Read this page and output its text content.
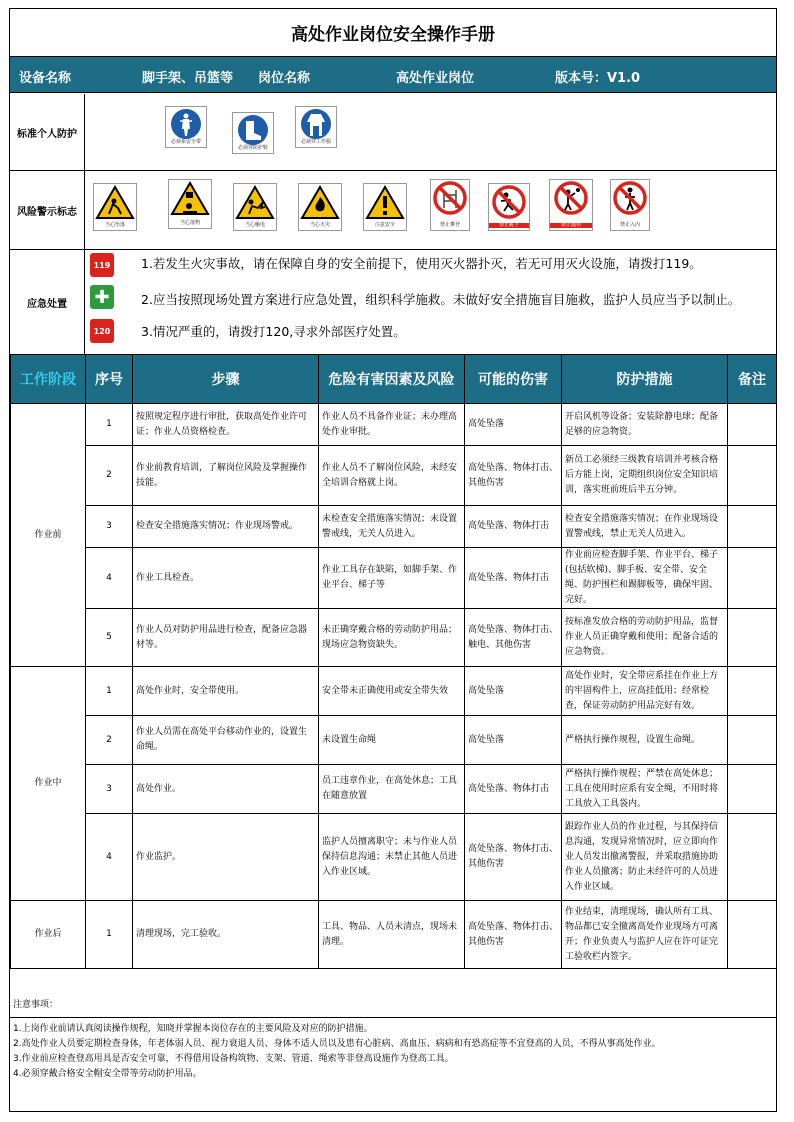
高处作业岗位安全操作手册
设备名称	脚手架、吊篮等 岗位名称	高处作业岗位	版本号：V1.0
标准个人防护
必须系安全带
必须穿防护鞋
必须穿工作服
风险警示标志
当心坠落	当心落物	当心触电	当心火灾	注意安全	禁止攀登	禁止跳下	禁止抛物	禁止入内
应急处置
119
✚
120
1.若发生火灾事故，请在保障自身的安全前提下，使用灭火器扑灭，若无可用灭火设施，请拨打119。
2.应当按照现场处置方案进行应急处置，组织科学施救。未做好安全措施盲目施救，监护人员应当予以制止。
3.情况严重的，请拨打120,寻求外部医疗处置。
工作阶段	序号	步骤	危险有害因素及风险	可能的伤害	防护措施	备注
作业前	1	按照规定程序进行审批，获取高处作业许可证；作业人员资格检查。	作业人员不具备作业证；未办理高处作业审批。	高处坠落	开启风机等设备；安装除静电球；配备足够的应急物资。	
	2	作业前教育培训，了解岗位风险及掌握操作技能。	作业人员不了解岗位风险，未经安全培训合格就上岗。	高处坠落、物体打击、其他伤害	新员工必须经三级教育培训并考核合格后方能上岗，定期组织岗位安全知识培训，落实班前班后半五分钟。	
	3	检查安全措施落实情况；作业现场警戒。	未检查安全措施落实情况；未设置警戒线，无关人员进入。	高处坠落、物体打击	检查安全措施落实情况；在作业现场设置警戒线，禁止无关人员进入。	
	4	作业工具检查。	作业工具存在缺陷，如脚手架、作业平台、梯子等	高处坠落、物体打击	作业前应检查脚手架、作业平台、梯子(包括软梯)、脚手板、安全带、安全绳、防护围栏和踢脚板等，确保牢固、完好。	
	5	作业人员对防护用品进行检查，配备应急器材等。	未正确穿戴合格的劳动防护用品；现场应急物资缺失。	高处坠落、物体打击、触电、其他伤害	按标准发放合格的劳动防护用品，监督作业人员正确穿戴和使用；配备合适的应急物资。	
作业中	1	高处作业时，安全带使用。	安全带未正确使用或安全带失效	高处坠落	高处作业时，安全带应系挂在作业上方的牢固构件上，应高挂低用；经常检查，保证劳动防护用品完好有效。	
	2	作业人员需在高处平台移动作业的，设置生命绳。	未设置生命绳	高处坠落	严格执行操作规程，设置生命绳。	
	3	高处作业。	员工违章作业，在高处休息；工具在随意放置	高处坠落、物体打击	严格执行操作规程；严禁在高处休息；工具在使用时应系有安全绳，不用时将工具放入工具袋内。	
	4	作业监护。	监护人员擅离职守；未与作业人员保持信息沟通；未禁止其他人员进入作业区域。	高处坠落、物体打击、其他伤害	跟踪作业人员的作业过程，与其保持信息沟通，发现异常情况时，应立即向作业人员发出撤离警报，并采取措施协助作业人员撤离；防止未经许可的人员进入作业区域。	
作业后	1	清理现场，完工验收。	工具、物品、人员未清点，现场未清理。	高处坠落、物体打击、其他伤害	作业结束，清理现场，确认所有工具、物品都已安全撤离高处作业现场方可离开；作业负责人与监护人应在许可证完工验收栏内签字。	
注意事项：
1.上岗作业前请认真阅读操作规程，知晓并掌握本岗位存在的主要风险及对应的防护措施。
2.高处作业人员要定期检查身体，年老体弱人员、视力衰退人员、身体不适人员以及患有心脏病、高血压、病病和有恐高症等不宜登高的人员，不得从事高处作业。
3.作业前应检查登高用具是否安全可靠，不得借用设备构筑物、支架、管道、绳索等非登高设施作为登高工具。
4.必须穿戴合格安全帽安全带等劳动防护用品。
